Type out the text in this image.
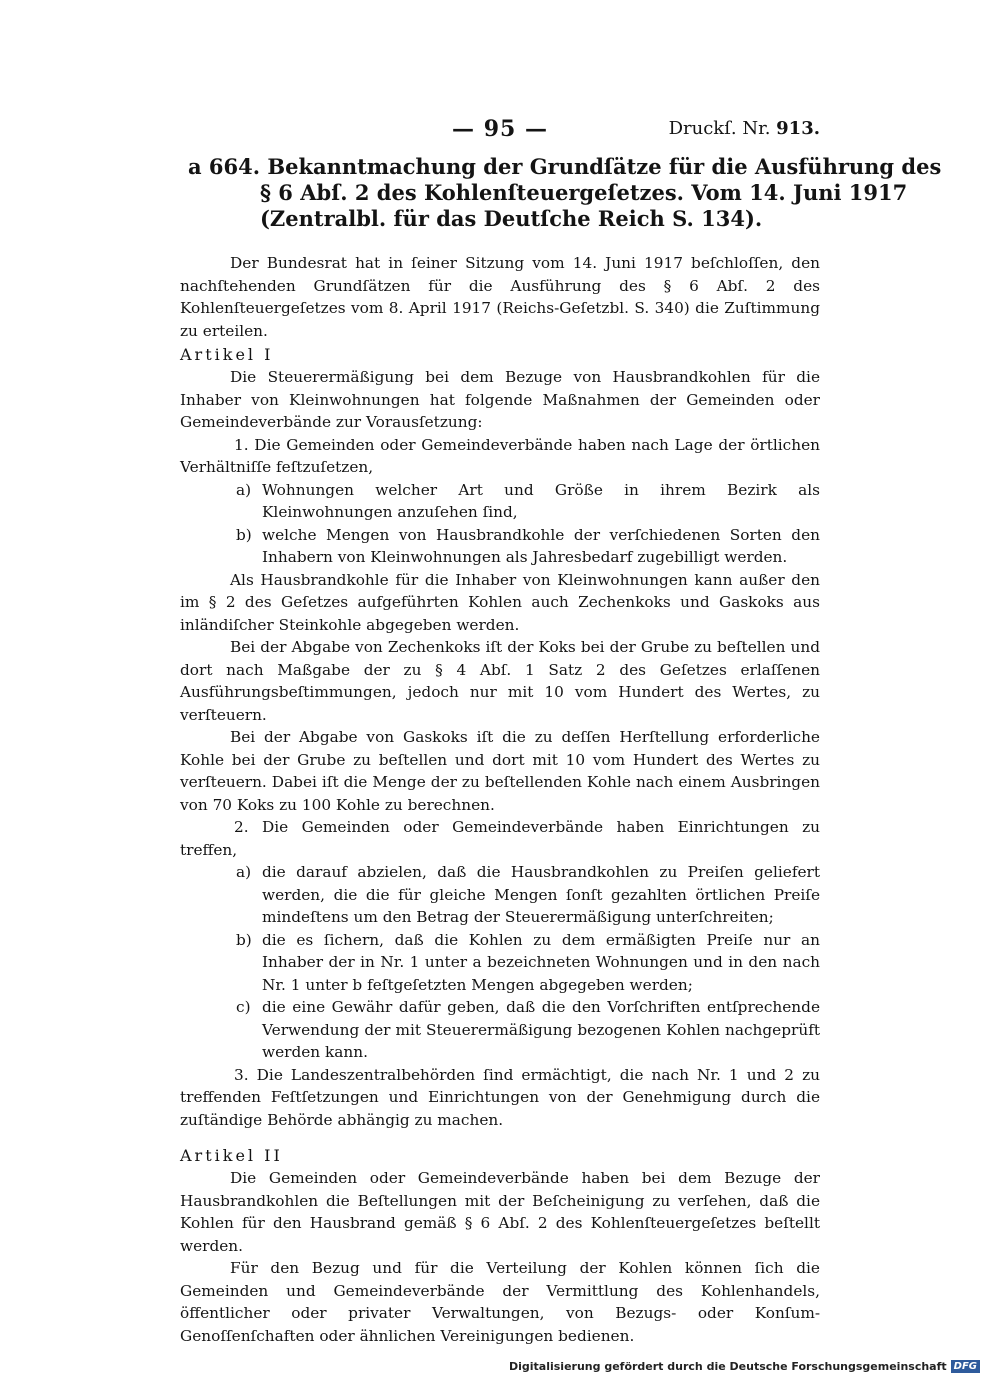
— 95 —	Druckſ. Nr. 913.
a 664. Bekanntmachung der Grundſätze für die Ausführung des
§ 6 Abſ. 2 des Kohlenſteuergeſetzes. Vom 14. Juni 1917
(Zentralbl. für das Deutſche Reich S. 134).

Der Bundesrat hat in ſeiner Sitzung vom 14. Juni 1917 beſchloſſen, den nachſtehenden Grundſätzen für die Ausführung des § 6 Abſ. 2 des Kohlenſteuergeſetzes vom 8. April 1917 (Reichs-Geſetzbl. S. 340) die Zuſtimmung zu erteilen.

Artikel I

Die Steuerermäßigung bei dem Bezuge von Hausbrandkohlen für die Inhaber von Kleinwohnungen hat folgende Maßnahmen der Gemeinden oder Gemeindeverbände zur Vorausſetzung:

1. Die Gemeinden oder Gemeindeverbände haben nach Lage der örtlichen Verhältniſſe feſtzuſetzen,

a) Wohnungen welcher Art und Größe in ihrem Bezirk als Kleinwohnungen anzuſehen ſind,

b) welche Mengen von Hausbrandkohle der verſchiedenen Sorten den Inhabern von Kleinwohnungen als Jahresbedarf zugebilligt werden.

Als Hausbrandkohle für die Inhaber von Kleinwohnungen kann außer den im § 2 des Geſetzes aufgeführten Kohlen auch Zechenkoks und Gaskoks aus inländiſcher Steinkohle abgegeben werden.

Bei der Abgabe von Zechenkoks iſt der Koks bei der Grube zu beſtellen und dort nach Maßgabe der zu § 4 Abſ. 1 Satz 2 des Geſetzes erlaſſenen Ausführungsbeſtimmungen, jedoch nur mit 10 vom Hundert des Wertes, zu verſteuern.

Bei der Abgabe von Gaskoks iſt die zu deſſen Herſtellung erforderliche Kohle bei der Grube zu beſtellen und dort mit 10 vom Hundert des Wertes zu verſteuern. Dabei iſt die Menge der zu beſtellenden Kohle nach einem Ausbringen von 70 Koks zu 100 Kohle zu berechnen.

2. Die Gemeinden oder Gemeindeverbände haben Einrichtungen zu treffen,

a) die darauf abzielen, daß die Hausbrandkohlen zu Preiſen geliefert werden, die die für gleiche Mengen ſonſt gezahlten örtlichen Preiſe mindeſtens um den Betrag der Steuerermäßigung unterſchreiten;

b) die es ſichern, daß die Kohlen zu dem ermäßigten Preiſe nur an Inhaber der in Nr. 1 unter a bezeichneten Wohnungen und in den nach Nr. 1 unter b feſtgeſetzten Mengen abgegeben werden;

c) die eine Gewähr dafür geben, daß die den Vorſchriften entſprechende Verwendung der mit Steuerermäßigung bezogenen Kohlen nachgeprüft werden kann.

3. Die Landeszentralbehörden ſind ermächtigt, die nach Nr. 1 und 2 zu treffenden Feſtſetzungen und Einrichtungen von der Genehmigung durch die zuſtändige Behörde abhängig zu machen.

Artikel II

Die Gemeinden oder Gemeindeverbände haben bei dem Bezuge der Hausbrandkohlen die Beſtellungen mit der Beſcheinigung zu verſehen, daß die Kohlen für den Hausbrand gemäß § 6 Abſ. 2 des Kohlenſteuergeſetzes beſtellt werden.

Für den Bezug und für die Verteilung der Kohlen können ſich die Gemeinden und Gemeindeverbände der Vermittlung des Kohlenhandels, öffentlicher oder privater Verwaltungen, von Bezugs- oder Konſum-Genoſſenſchaften oder ähnlichen Vereinigungen bedienen.

Digitalisierung gefördert durch die Deutsche Forschungsgemeinschaft DFG
